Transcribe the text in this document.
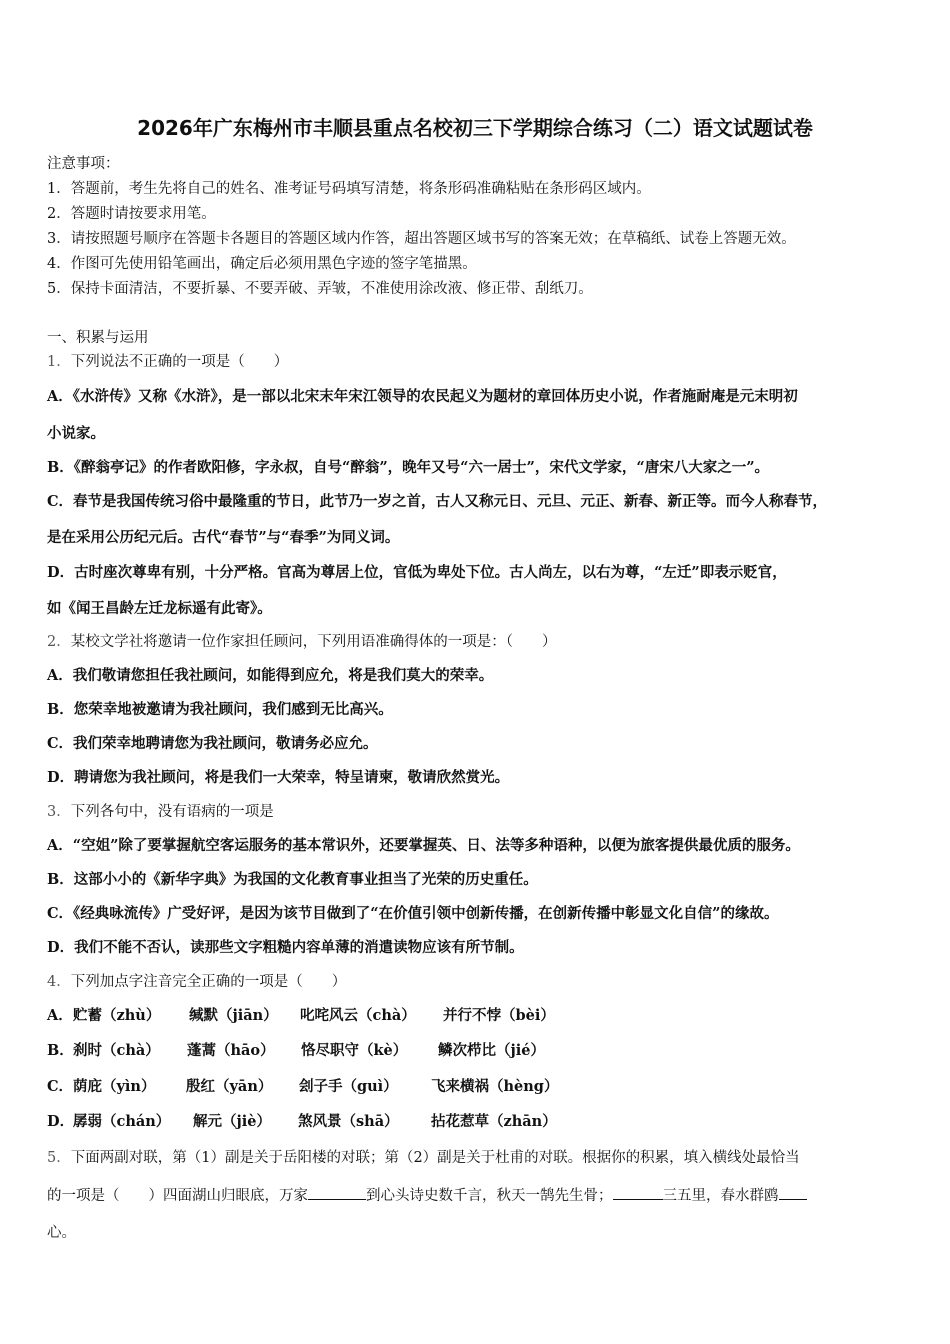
2026年广东梅州市丰顺县重点名校初三下学期综合练习（二）语文试题试卷
注意事项：
1．答题前，考生先将自己的姓名、准考证号码填写清楚，将条形码准确粘贴在条形码区域内。
2．答题时请按要求用笔。
3．请按照题号顺序在答题卡各题目的答题区域内作答，超出答题区域书写的答案无效；在草稿纸、试卷上答题无效。
4．作图可先使用铅笔画出，确定后必须用黑色字迹的签字笔描黑。
5．保持卡面清洁，不要折暴、不要弄破、弄皱，不准使用涂改液、修正带、刮纸刀。
一、积累与运用
1．下列说法不正确的一项是（　　）
A．《水浒传》又称《水浒》，是一部以北宋末年宋江领导的农民起义为题材的章回体历史小说，作者施耐庵是元末明初
小说家。
B．《醉翁亭记》的作者欧阳修，字永叔，自号“醉翁”，晚年又号“六一居士”，宋代文学家，“唐宋八大家之一”。
C．春节是我国传统习俗中最隆重的节日，此节乃一岁之首，古人又称元日、元旦、元正、新春、新正等。而今人称春节，
是在采用公历纪元后。古代“春节”与“春季”为同义词。
D．古时座次尊卑有别，十分严格。官高为尊居上位，官低为卑处下位。古人尚左，以右为尊，“左迁”即表示贬官，
如《闻王昌龄左迁龙标遥有此寄》。
2．某校文学社将邀请一位作家担任顾问，下列用语准确得体的一项是：（　　）
A．我们敬请您担任我社顾问，如能得到应允，将是我们莫大的荣幸。
B．您荣幸地被邀请为我社顾问，我们感到无比高兴。
C．我们荣幸地聘请您为我社顾问，敬请务必应允。
D．聘请您为我社顾问，将是我们一大荣幸，特呈请柬，敬请欣然赏光。
3．下列各句中，没有语病的一项是
A．“空姐”除了要掌握航空客运服务的基本常识外，还要掌握英、日、法等多种语种，以便为旅客提供最优质的服务。
B．这部小小的《新华字典》为我国的文化教育事业担当了光荣的历史重任。
C．《经典咏流传》广受好评，是因为该节目做到了“在价值引领中创新传播，在创新传播中彰显文化自信”的缘故。
D．我们不能不否认，读那些文字粗糙内容单薄的消遣读物应该有所节制。
4．下列加点字注音完全正确的一项是（　　）
A． 贮蓄（zhù） 缄默（jiān） 叱咤风云（chà） 并行不悖（bèi）
B． 刹时（chà） 蓬蒿（hāo） 恪尽职守（kè） 鳞次栉比（jié）
C． 荫庇（yìn） 殷红（yān） 刽子手（guì） 飞来横祸（hèng）
D．
孱弱（chán） 解元（jiè） 煞风景（shā） 拈花惹草（zhān）
5．下面两副对联，第（1）副是关于岳阳楼的对联；第（2）副是关于杜甫的对联。根据你的积累，填入横线处最恰当
的一项是（　　）四面湖山归眼底，万家	到心头诗史数千言，秋天一鹄先生骨；	三五里，春水群鸥
心。
